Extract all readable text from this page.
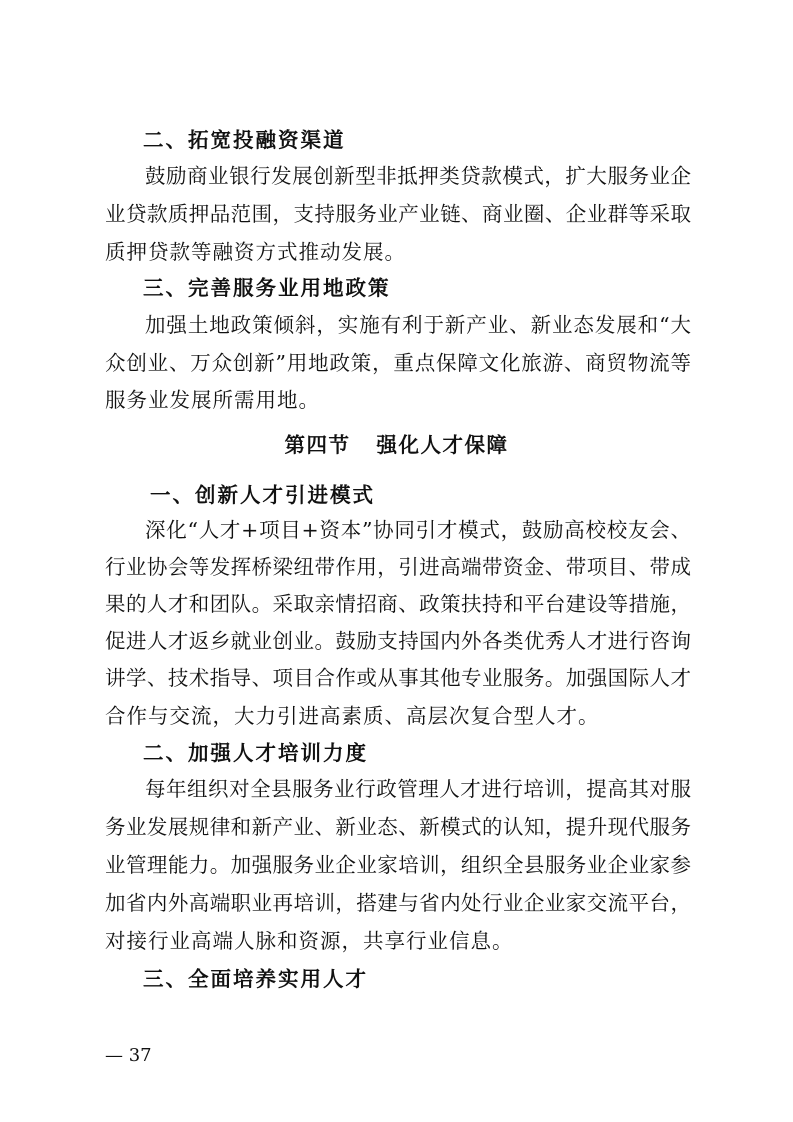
二、拓宽投融资渠道
鼓励商业银行发展创新型非抵押类贷款模式，扩大服务业企
业贷款质押品范围，支持服务业产业链、商业圈、企业群等采取
质押贷款等融资方式推动发展。
三、完善服务业用地政策
加强土地政策倾斜，实施有利于新产业、新业态发展和“大
众创业、万众创新”用地政策，重点保障文化旅游、商贸物流等
服务业发展所需用地。
第四节 强化人才保障
一、创新人才引进模式
深化“人才+项目+资本”协同引才模式，鼓励高校校友会、
行业协会等发挥桥梁纽带作用，引进高端带资金、带项目、带成
果的人才和团队。采取亲情招商、政策扶持和平台建设等措施，
促进人才返乡就业创业。鼓励支持国内外各类优秀人才进行咨询
讲学、技术指导、项目合作或从事其他专业服务。加强国际人才
合作与交流，大力引进高素质、高层次复合型人才。
二、加强人才培训力度
每年组织对全县服务业行政管理人才进行培训，提高其对服
务业发展规律和新产业、新业态、新模式的认知，提升现代服务
业管理能力。加强服务业企业家培训，组织全县服务业企业家参
加省内外高端职业再培训，搭建与省内处行业企业家交流平台，
对接行业高端人脉和资源，共享行业信息。
三、全面培养实用人才
— 37
